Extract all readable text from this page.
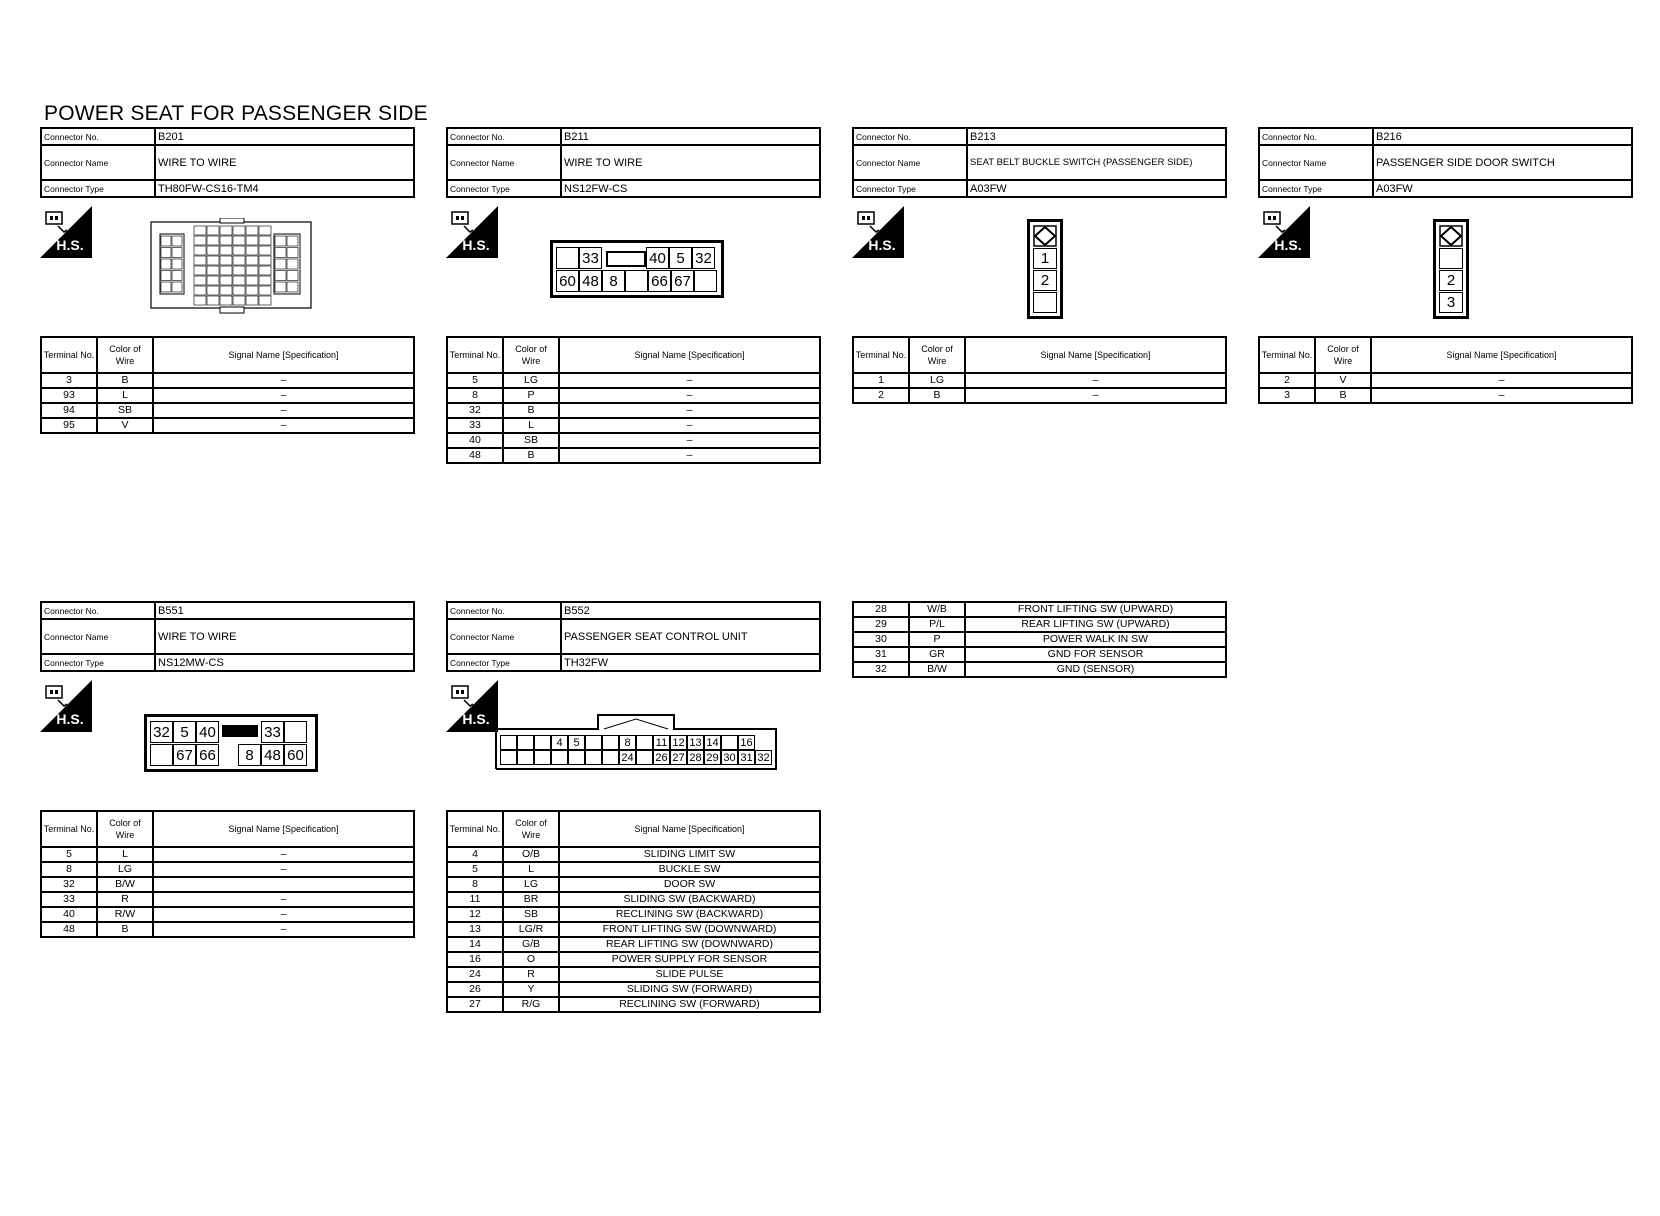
POWER SEAT FOR PASSENGER SIDE
Connector No.	B201
Connector Name	WIRE TO WIRE
Connector Type	TH80FW-CS16-TM4
H.S.
Terminal No.	Color of Wire	Signal Name [Specification]
3	B	–
93	L	–
94	SB	–
95	V	–
Connector No.	B211
Connector Name	WIRE TO WIRE
Connector Type	NS12FW-CS
H.S.
33	40 5 32
60 48 8	66 67
Terminal No.	Color of Wire	Signal Name [Specification]
5	LG	–
8	P	–
32	B	–
33	L	–
40	SB	–
48	B	–
Connector No.	B213
Connector Name	SEAT BELT BUCKLE SWITCH (PASSENGER SIDE)
Connector Type	A03FW
H.S.
1
2
Terminal No.	Color of Wire	Signal Name [Specification]
1	LG	–
2	B	–
Connector No.	B216
Connector Name	PASSENGER SIDE DOOR SWITCH
Connector Type	A03FW
H.S.
2
3
Terminal No.	Color of Wire	Signal Name [Specification]
2	V	–
3	B	–
Connector No.	B551
Connector Name	WIRE TO WIRE
Connector Type	NS12MW-CS
H.S.
32 5 40	33
67 66	8 48 60
Terminal No.	Color of Wire	Signal Name [Specification]
5	L	–
8	LG	–
32	B/W	
33	R	–
40	R/W	–
48	B	–
Connector No.	B552
Connector Name	PASSENGER SEAT CONTROL UNIT
Connector Type	TH32FW
H.S.
4 5	8	11 12 13 14 16
24 26 27 28 29 30 31 32
Terminal No.	Color of Wire	Signal Name [Specification]
4	O/B	SLIDING LIMIT SW
5	L	BUCKLE SW
8	LG	DOOR SW
11	BR	SLIDING SW (BACKWARD)
12	SB	RECLINING SW (BACKWARD)
13	LG/R	FRONT LIFTING SW (DOWNWARD)
14	G/B	REAR LIFTING SW (DOWNWARD)
16	O	POWER SUPPLY FOR SENSOR
24	R	SLIDE PULSE
26	Y	SLIDING SW (FORWARD)
27	R/G	RECLINING SW (FORWARD)
28	W/B	FRONT LIFTING SW (UPWARD)
29	P/L	REAR LIFTING SW (UPWARD)
30	P	POWER WALK IN SW
31	GR	GND FOR SENSOR
32	B/W	GND (SENSOR)
